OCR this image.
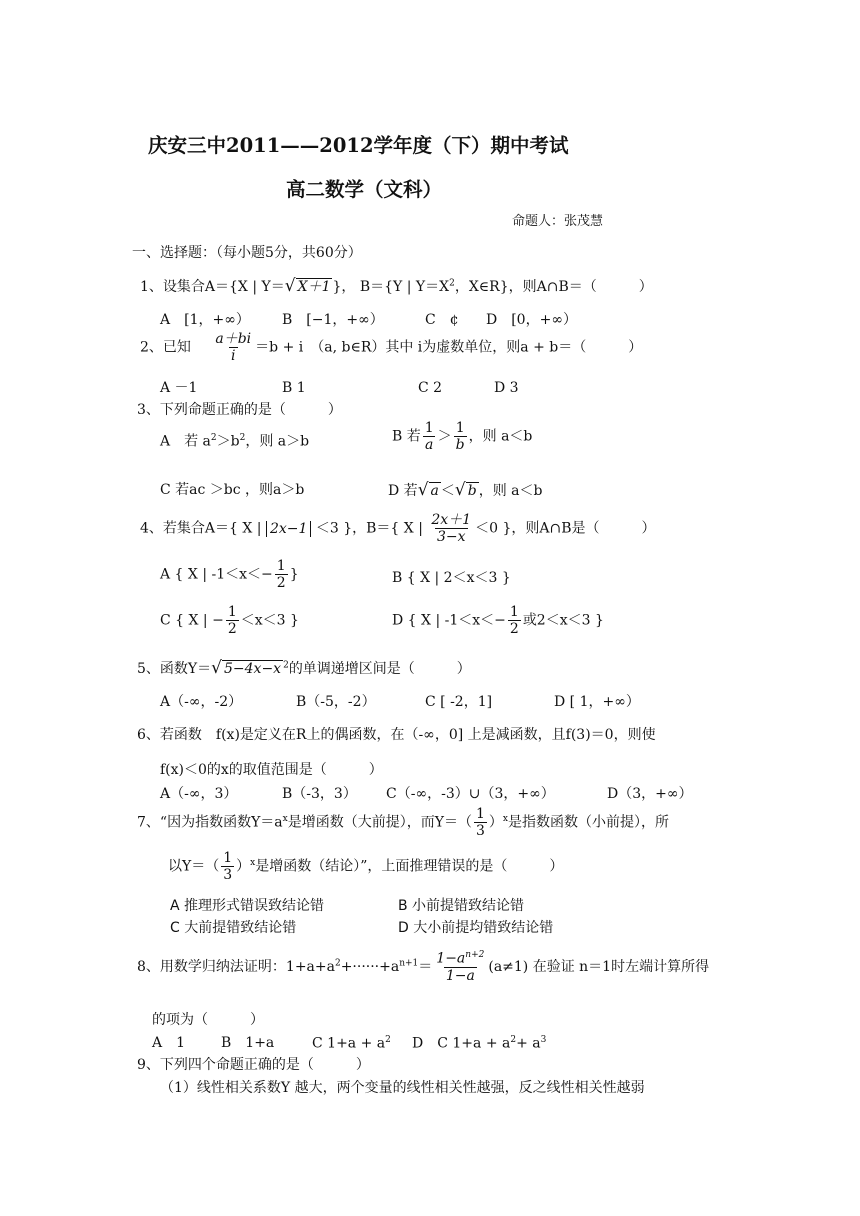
庆安三中2011——2012学年度（下）期中考试
高二数学（文科）
命题人：张茂慧
一、选择题：（每小题5分，共60分）
1、设集合A＝{X | Y＝√ X＋1 }， B＝{Y | $Y=X^2$，X∈R}，则A∩B＝（　　　）
A　[1，+∞） B　[−1，+∞）	C　¢ D　[0，+∞）
2、已知 $\frac{a+bi}{i} =b + i$　（a, b∈R）其中 i为虚数单位，则a + b＝（　　　）
A －1	B 1	C 2	D 3
3、下列命题正确的是（　　　）
A　若 $a^2>b^2$，则 a＞b	B 若 $\frac{1}{a} > \frac{1}{b}$ ，则 a＜b
C 若ac ＞bc ，则a＞b	D 若√ a ＜√ b ，则 a＜b
4、若集合A＝{ X | 2x−1 ＜3 }，B＝{ X | $\frac{2x+1}{3-x} <0$ }，则A∩B是（　　　）
A { X | $-1<x<- \frac{1}{2}$ }	B { X | 2＜x＜3 }
C { X | − $\frac{1}{2} <x<3$ }	D { X | $-1<x<- \frac{1}{2}$ 或2＜x＜3 }
5、函数Y＝√ 5−4x−x $^2$的单调递增区间是（　　　）
A（-∞，-2）	B（-5，-2）	C [ -2，1]	D [ 1，+∞）
6、若函数　f(x)是定义在R上的偶函数，在（-∞，0] 上是减函数，且f(3)＝0，则使
f(x)＜0的x的取值范围是（　　　）
A（-∞，3）	B（-3，3） C（-∞，-3）∪（3，+∞）	D（3，+∞）
7、“因为指数函数$Y=a^x$是增函数（大前提），而$Y=( \frac{1}{3} )^x$是指数函数（小前提），所
以$Y=( \frac{1}{3} )^x$是增函数（结论）”，上面推理错误的是（　　　）
A 推理形式错误致结论错	B 小前提错致结论错
C 大前提错致结论错	D 大小前提均错致结论错
8、用数学归纳法证明：$1+a+a^2+\cdot\cdot\cdot\cdot\cdot\cdot+a^{n+1}= \frac{1-a^{n+2}}{1-a} (a\ne 1)$ 在验证 n＝1时左端计算所得
的项为（　　　）
A　1	B　1+a	C $1+a + a^2$ D　C $1+a + a^2+ a^3$
9、下列四个命题正确的是（　　　）
（1）线性相关系数Y 越大，两个变量的线性相关性越强，反之线性相关性越弱
